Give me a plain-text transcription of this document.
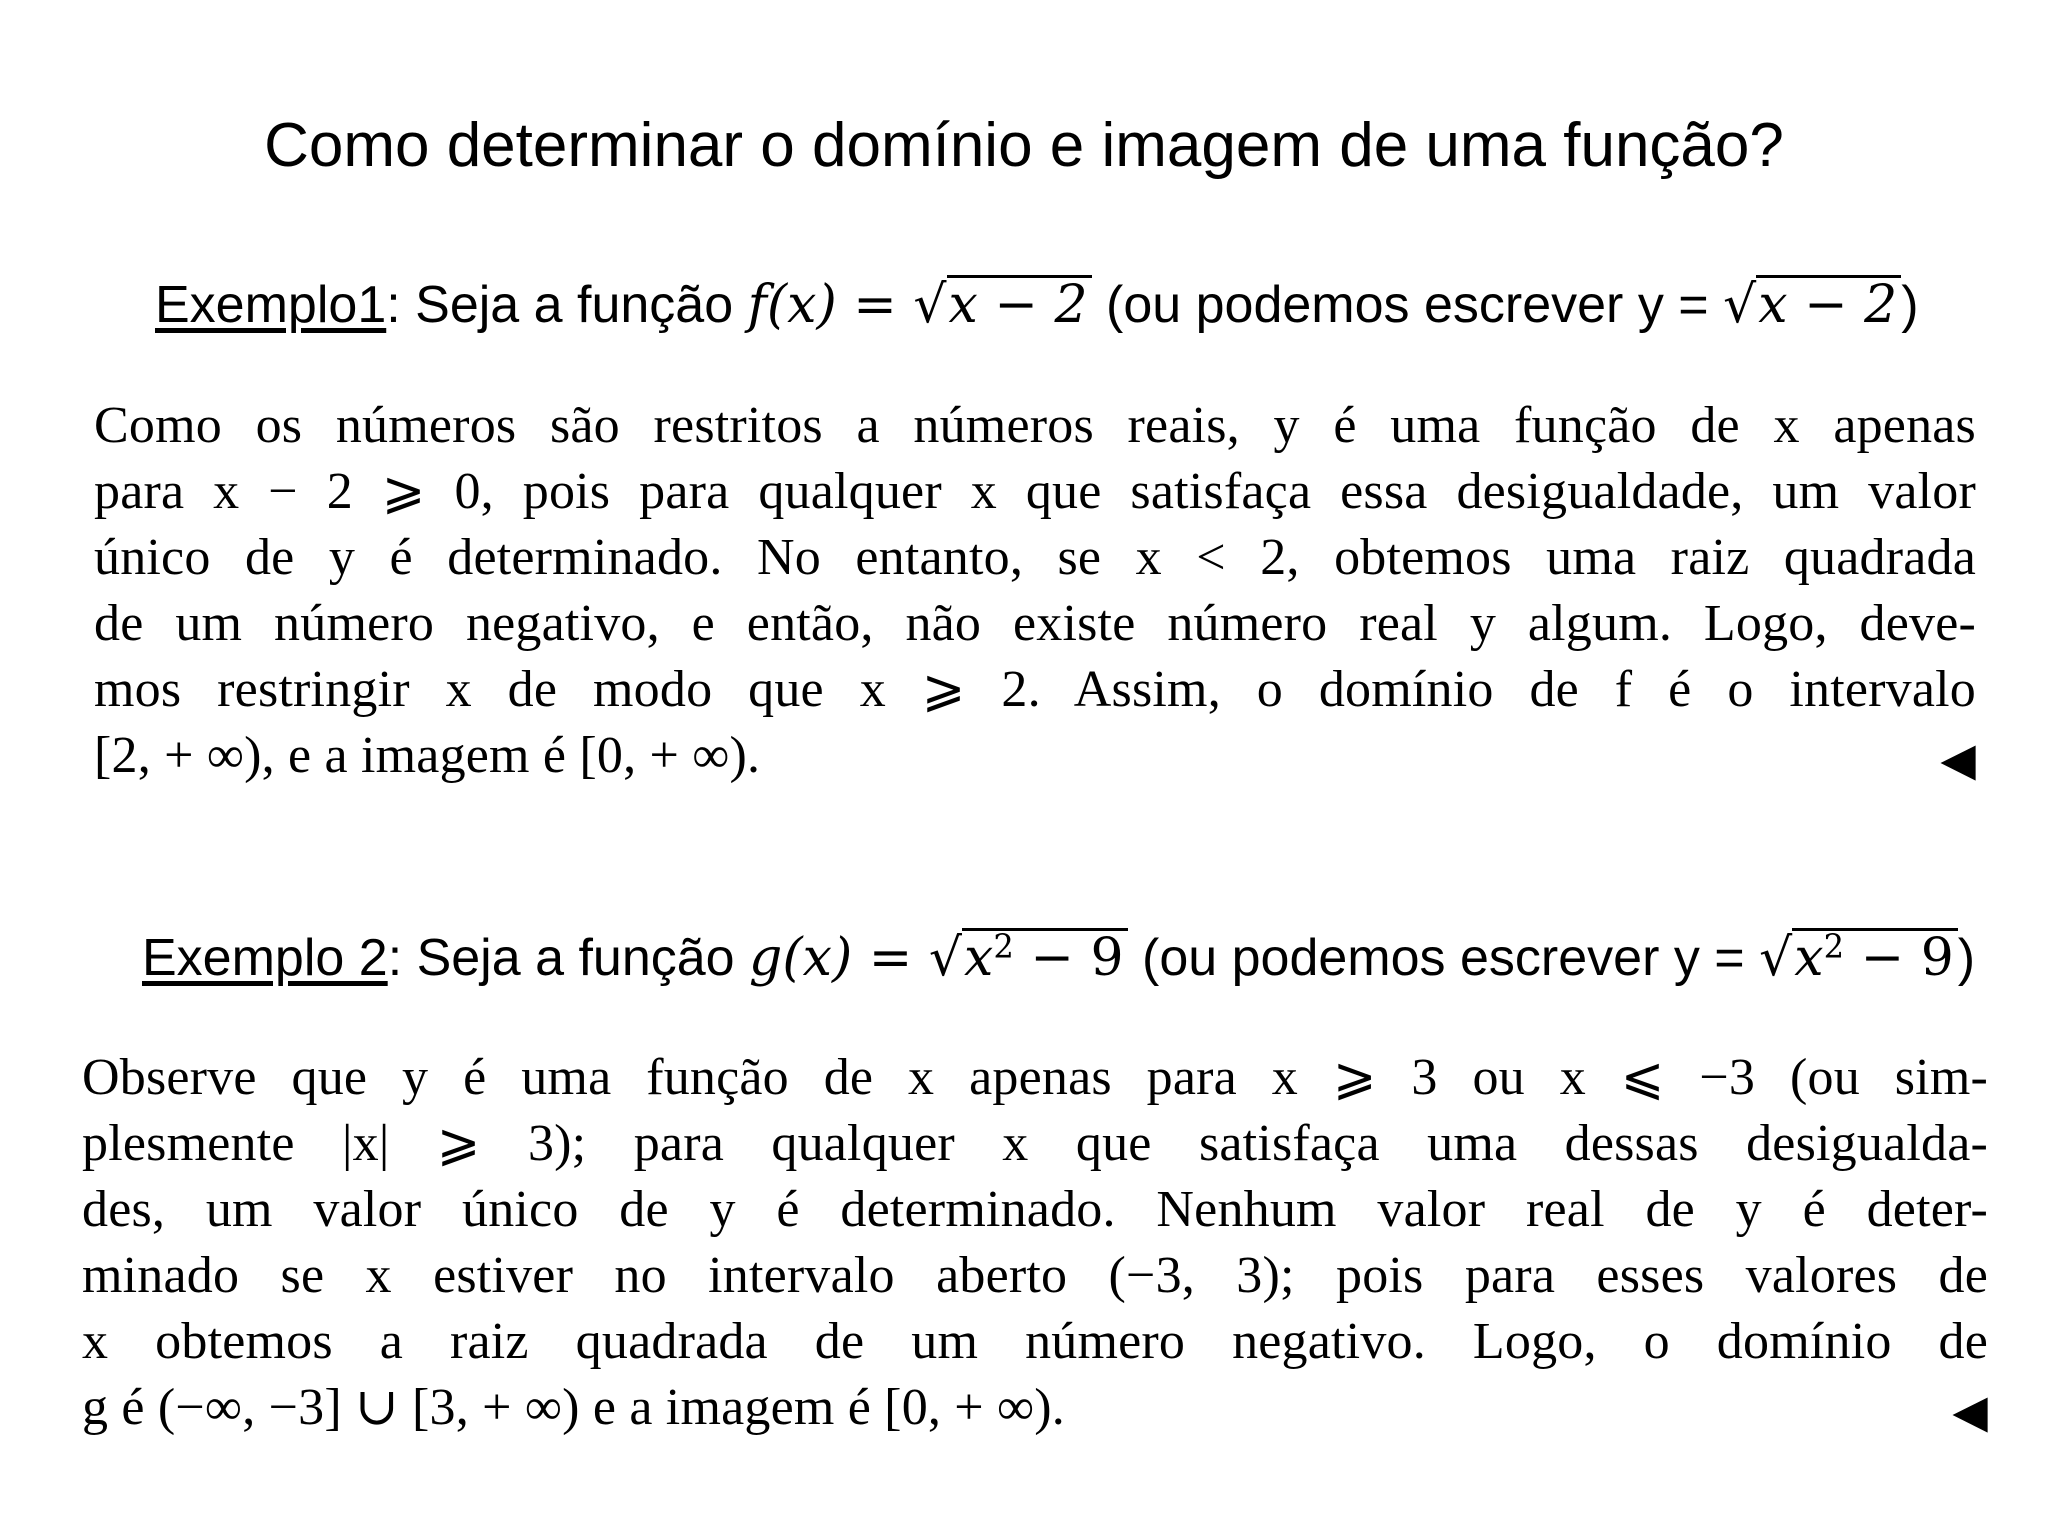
Como determinar o domínio e imagem de uma função?
Exemplo1: Seja a função f(x) = √x − 2 (ou podemos escrever y = √x − 2)
Como os números são restritos a números reais, y é uma função de x apenas
para x − 2 ⩾ 0, pois para qualquer x que satisfaça essa desigualdade, um valor
único de y é determinado. No entanto, se x < 2, obtemos uma raiz quadrada
de um número negativo, e então, não existe número real y algum. Logo, deve-
mos restringir x de modo que x ⩾ 2. Assim, o domínio de f é o intervalo
[2, + ∞), e a imagem é [0, + ∞).	◀
Exemplo 2: Seja a função $g(x) = √x^2 - 9$ (ou podemos escrever $y = √x^2 - 9$)
Observe que y é uma função de x apenas para x ⩾ 3 ou x ⩽ −3 (ou sim-
plesmente |x| ⩾ 3); para qualquer x que satisfaça uma dessas desigualda-
des, um valor único de y é determinado. Nenhum valor real de y é deter-
minado se x estiver no intervalo aberto (−3, 3); pois para esses valores de
x obtemos a raiz quadrada de um número negativo. Logo, o domínio de
g é (−∞, −3] ∪ [3, + ∞) e a imagem é [0, + ∞).	◀
